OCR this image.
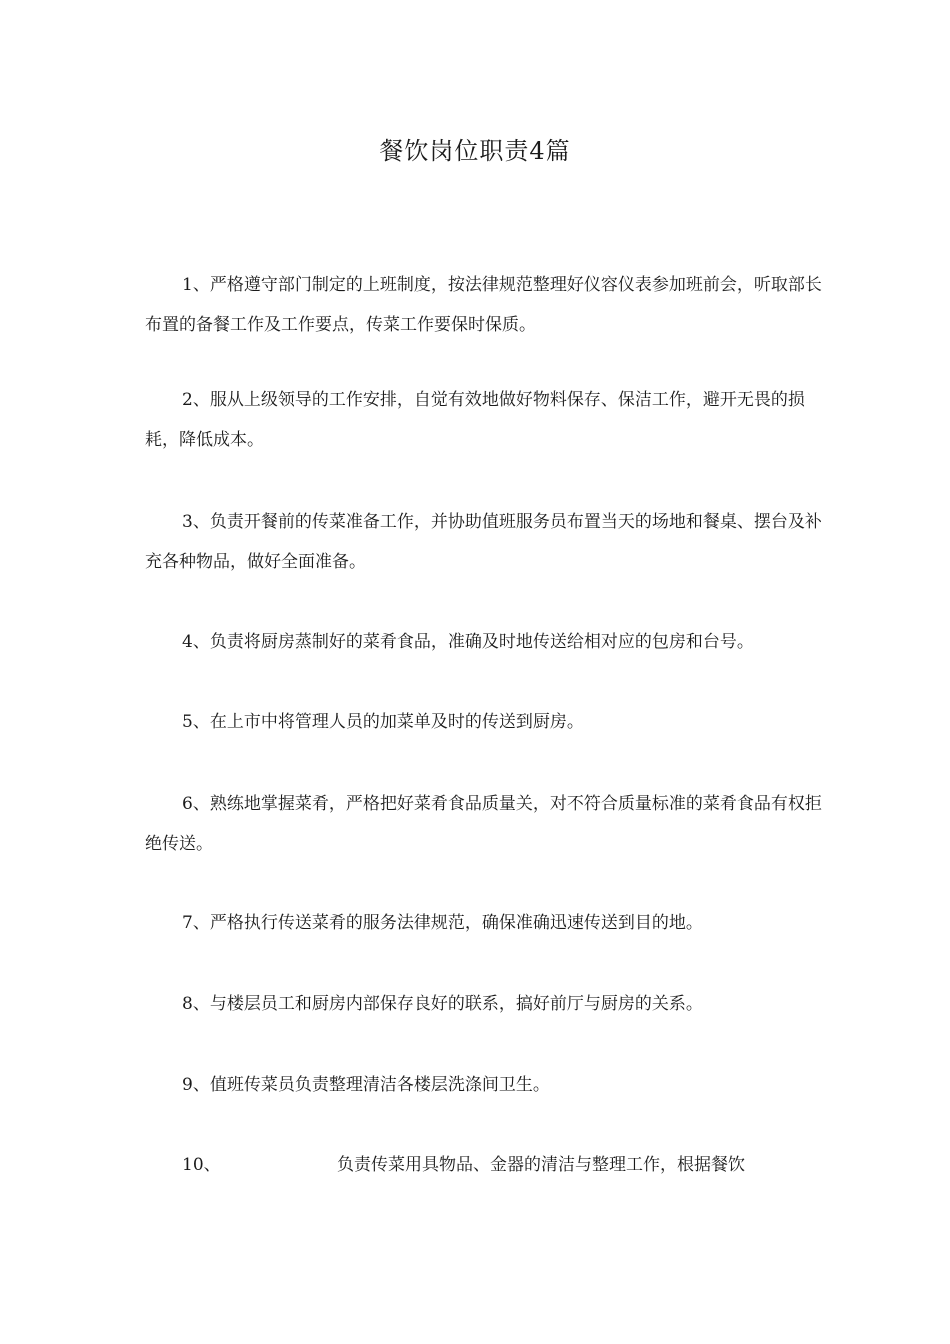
餐饮岗位职责4篇

1、严格遵守部门制定的上班制度，按法律规范整理好仪容仪表参加班前会，听取部长布置的备餐工作及工作要点，传菜工作要保时保质。

2、服从上级领导的工作安排，自觉有效地做好物料保存、保洁工作，避开无畏的损耗，降低成本。

3、负责开餐前的传菜准备工作，并协助值班服务员布置当天的场地和餐桌、摆台及补充各种物品，做好全面准备。

4、负责将厨房蒸制好的菜肴食品，准确及时地传送给相对应的包房和台号。

5、在上市中将管理人员的加菜单及时的传送到厨房。

6、熟练地掌握菜肴，严格把好菜肴食品质量关，对不符合质量标准的菜肴食品有权拒绝传送。

7、严格执行传送菜肴的服务法律规范，确保准确迅速传送到目的地。

8、与楼层员工和厨房内部保存良好的联系，搞好前厅与厨房的关系。

9、值班传菜员负责整理清洁各楼层洗涤间卫生。

10、	负责传菜用具物品、金器的清洁与整理工作，根据餐饮
